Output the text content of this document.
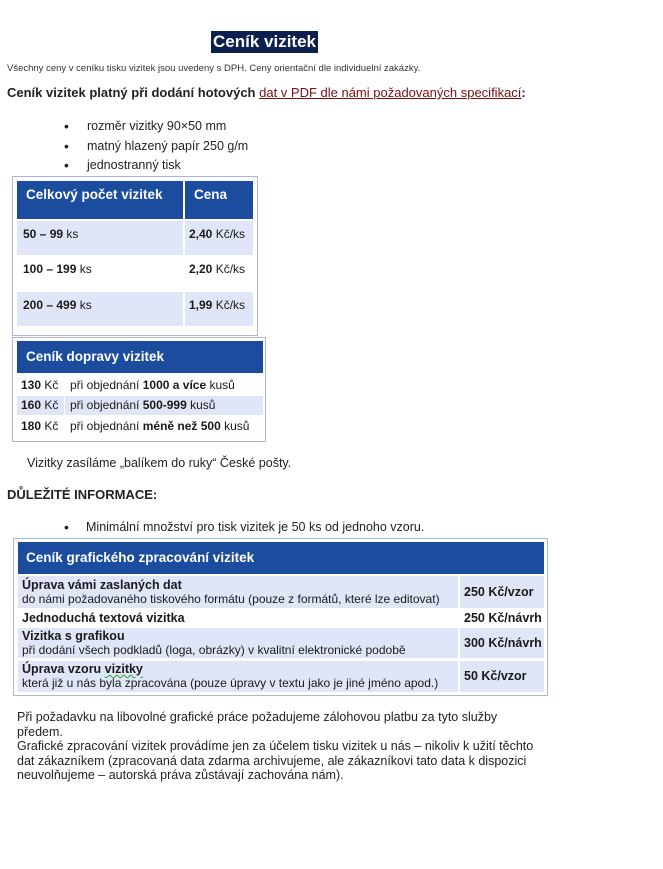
Ceník vizitek
Všechny ceny v ceníku tisku vizitek jsou uvedeny s DPH. Ceny orientační dle individuelní zakázky.
Ceník vizitek platný při dodání hotových dat v PDF dle námi požadovaných specifikací:
• rozměr vizitky 90×50 mm
• matný hlazený papír 250 g/m
• jednostranný tisk
Celkový počet vizitek	Cena
50 – 99 ks	2,40 Kč/ks
100 – 199 ks	2,20 Kč/ks
200 – 499 ks	1,99 Kč/ks
Ceník dopravy vizitek
130 Kč při objednání 1000 a více kusů
160 Kč při objednání 500-999 kusů
180 Kč při objednání méně než 500 kusů
Vizitky zasíláme „balíkem do ruky“ České pošty.
DŮLEŽITÉ INFORMACE:
• Minimální množství pro tisk vizitek je 50 ks od jednoho vzoru.
Ceník grafického zpracování vizitek
Úprava vámi zaslaných dat
do námi požadovaného tiskového formátu (pouze z formátů, které lze editovat)	250 Kč/vzor
Jednoduchá textová vizitka	250 Kč/návrh
Vizitka s grafikou
při dodání všech podkladů (loga, obrázky) v kvalitní elektronické podobě	300 Kč/návrh
Úprava vzoru vizitky
která již u nás byla zpracována (pouze úpravy v textu jako je jiné jméno apod.)	50 Kč/vzor

Při požadavku na libovolné grafické práce požadujeme zálohovou platbu za tyto služby předem.

Grafické zpracování vizitek provádíme jen za účelem tisku vizitek u nás – nikoliv k užití těchto dat zákazníkem (zpracovaná data zdarma archivujeme, ale zákazníkovi tato data k dispozici neuvolňujeme – autorská práva zůstávají zachována nám).
